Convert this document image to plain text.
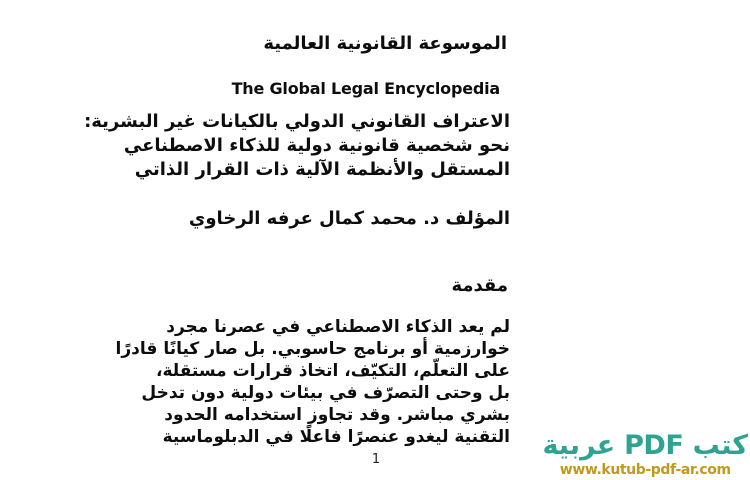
الموسوعة القانونية العالمية
The Global Legal Encyclopedia
الاعتراف القانوني الدولي بالكيانات غير البشرية:
نحو شخصية قانونية دولية للذكاء الاصطناعي
المستقل والأنظمة الآلية ذات القرار الذاتي
المؤلف د. محمد كمال عرفه الرخاوي
مقدمة
لم يعد الذكاء الاصطناعي في عصرنا مجرد
خوارزمية أو برنامج حاسوبي. بل صار كيانًا قادرًا
على التعلّم، التكيّف، اتخاذ قرارات مستقلة،
بل وحتى التصرّف في بيئات دولية دون تدخل
بشري مباشر. وقد تجاوز استخدامه الحدود
التقنية ليغدو عنصرًا فاعلًا في الدبلوماسية
1	كتب PDF عربية
www.kutub-pdf-ar.com
